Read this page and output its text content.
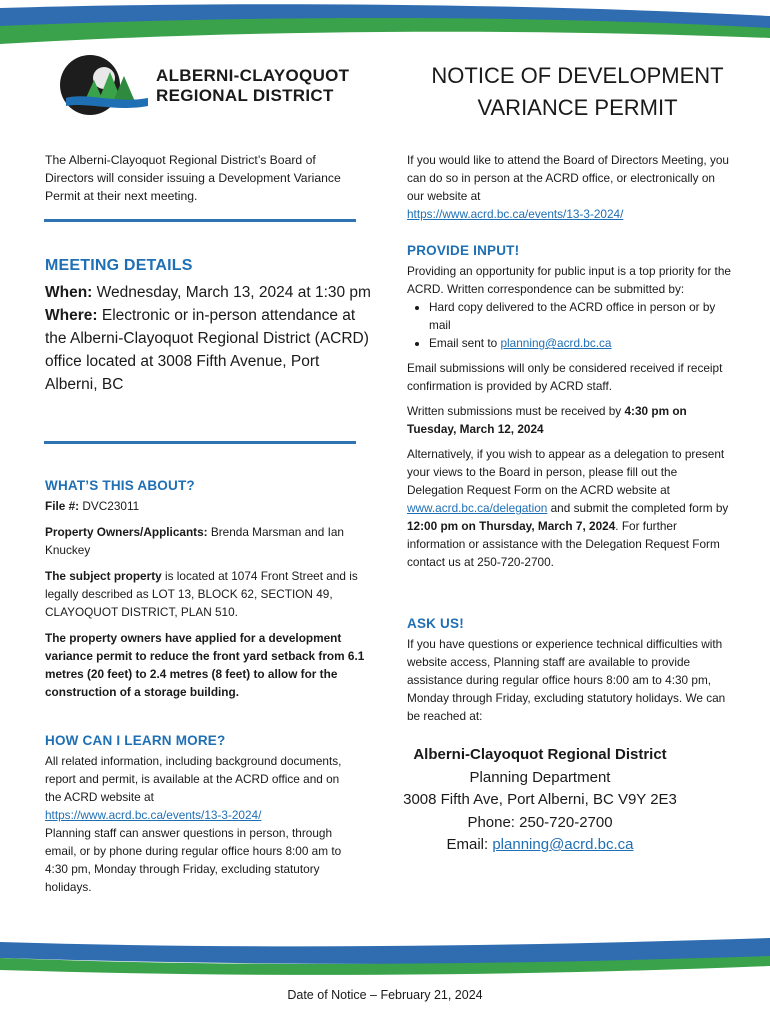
ALBERNI-CLAYOQUOT
REGIONAL DISTRICT
NOTICE OF DEVELOPMENT
VARIANCE PERMIT
The Alberni-Clayoquot Regional District’s Board of Directors will consider issuing a Development Variance Permit at their next meeting.
MEETING DETAILS

When: Wednesday, March 13, 2024 at 1:30 pm

Where: Electronic or in-person attendance at the Alberni-Clayoquot Regional District (ACRD) office located at 3008 Fifth Avenue, Port Alberni, BC

WHAT’S THIS ABOUT?

File #: DVC23011

Property Owners/Applicants: Brenda Marsman and Ian Knuckey

The subject property is located at 1074 Front Street and is legally described as LOT 13, BLOCK 62, SECTION 49, CLAYOQUOT DISTRICT, PLAN 510.

The property owners have applied for a development variance permit to reduce the front yard setback from 6.1 metres (20 feet) to 2.4 metres (8 feet) to allow for the construction of a storage building.

HOW CAN I LEARN MORE?

All related information, including background documents, report and permit, is available at the ACRD office and on the ACRD website at

https://www.acrd.bc.ca/events/13-3-2024/

Planning staff can answer questions in person, through email, or by phone during regular office hours 8:00 am to 4:30 pm, Monday through Friday, excluding statutory holidays.

If you would like to attend the Board of Directors Meeting, you can do so in person at the ACRD office, or electronically on our website at

https://www.acrd.bc.ca/events/13-3-2024/
PROVIDE INPUT!

Providing an opportunity for public input is a top priority for the ACRD. Written correspondence can be submitted by:

• Hard copy delivered to the ACRD office in person or by mail
• Email sent to planning@acrd.bc.ca

Email submissions will only be considered received if receipt confirmation is provided by ACRD staff.

Written submissions must be received by 4:30 pm on Tuesday, March 12, 2024

Alternatively, if you wish to appear as a delegation to present your views to the Board in person, please fill out the Delegation Request Form on the ACRD website at www.acrd.bc.ca/delegation and submit the completed form by 12:00 pm on Thursday, March 7, 2024. For further information or assistance with the Delegation Request Form contact us at 250-720-2700.

ASK US!
If you have questions or experience technical difficulties with website access, Planning staff are available to provide assistance during regular office hours 8:00 am to 4:30 pm, Monday through Friday, excluding statutory holidays. We can be reached at:
Alberni-Clayoquot Regional District
Planning Department
3008 Fifth Ave, Port Alberni, BC V9Y 2E3
Phone: 250-720-2700
Email: planning@acrd.bc.ca
Date of Notice – February 21, 2024
